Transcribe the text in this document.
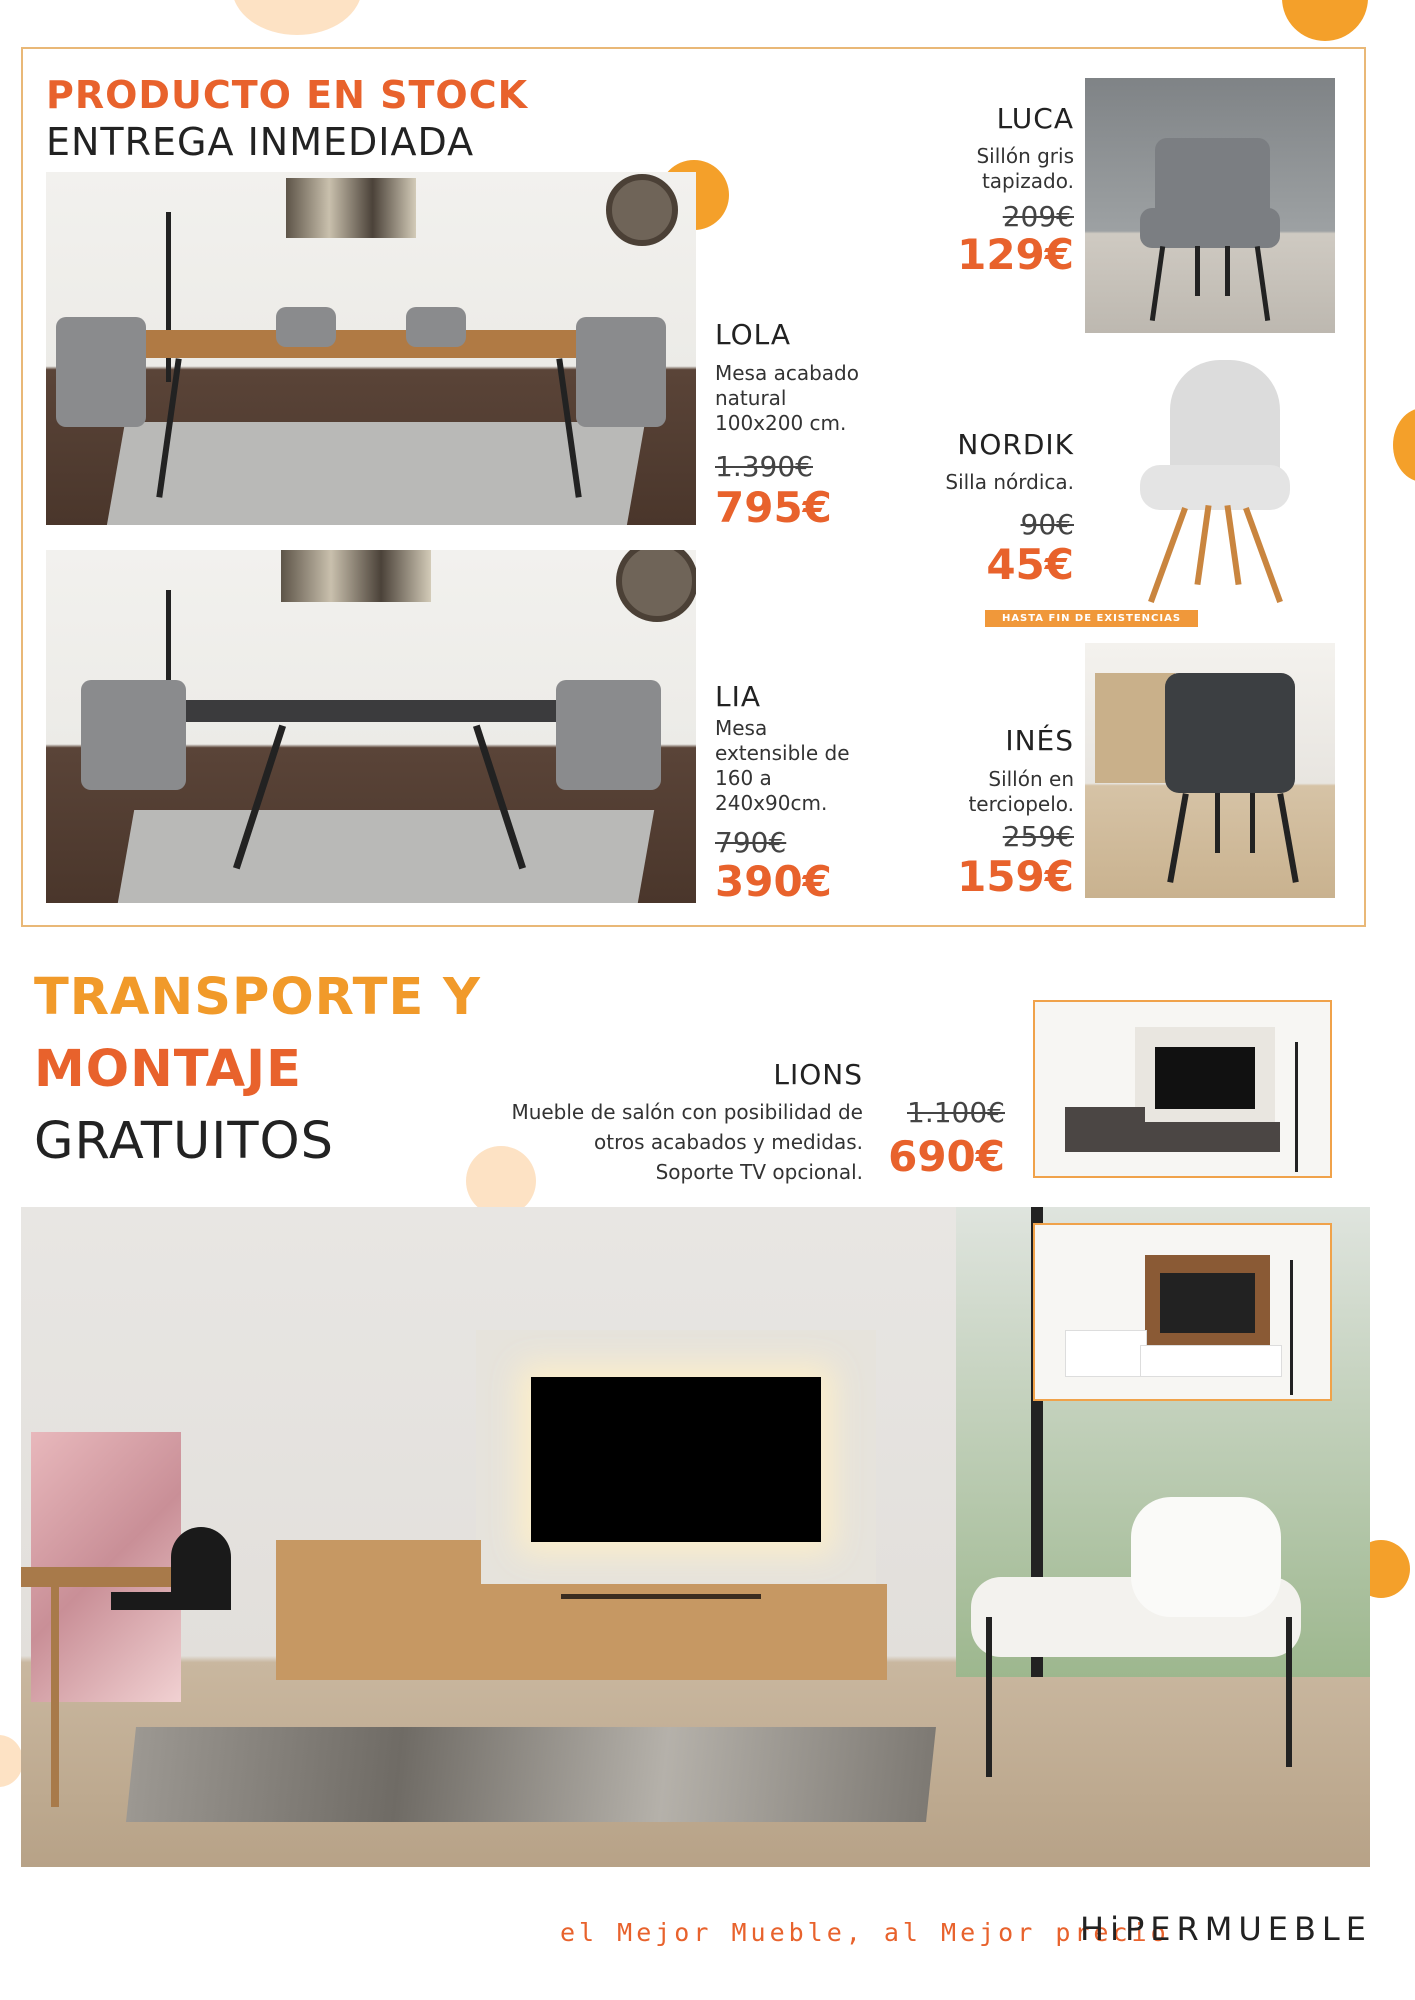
PRODUCTO EN STOCK
ENTREGA INMEDIADA
LOLA
Mesa acabado
natural
100x200 cm.
1.390€
795€
LIA
Mesa
extensible de
160 a
240x90cm.
790€
390€
LUCA
Sillón gris
tapizado.
209€
129€
NORDIK
Silla nórdica.
90€
45€
HASTA FIN DE EXISTENCIAS
INÉS
Sillón en
terciopelo.
259€
159€
TRANSPORTE Y
MONTAJE
GRATUITOS
LIONS
Mueble de salón con posibilidad de
otros acabados y medidas.
Soporte TV opcional.
1.100€
690€
el Mejor Mueble, al Mejor precio
HiPERMUEBLE
